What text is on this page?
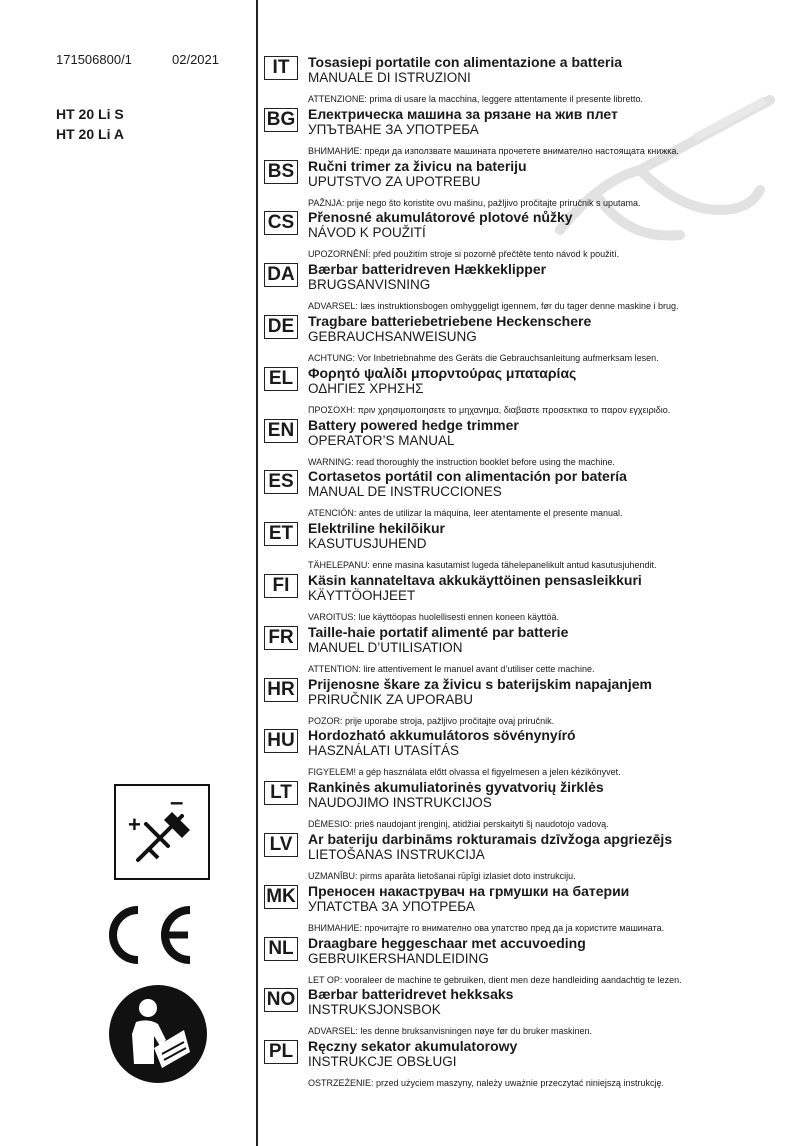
171506800/1	02/2021
HT 20 Li S
HT 20 Li A
IT	Tosasiepi portatile con alimentazione a batteria
MANUALE DI ISTRUZIONI
ATTENZIONE: prima di usare la macchina, leggere attentamente il presente libretto.
BG Електрическа машина за рязане на жив плет
УПЪТВАНЕ ЗА УПОТРЕБА
ВНИМАНИЕ: преди да използвате машината прочетете внимателно настоящата книжка.
BS Ručni trimer za živicu na bateriju
UPUTSTVO ZA UPOTREBU
PAŽNJA: prije nego što koristite ovu mašinu, pažljivo pročitajte priručnik s uputama.
CS Přenosné akumulátorové plotové nůžky
NÁVOD K POUŽITÍ
UPOZORNĚNÍ: před použitím stroje si pozorně přečtěte tento návod k použití.
DA Bærbar batteridreven Hækkeklipper
BRUGSANVISNING
ADVARSEL: læs instruktionsbogen omhyggeligt igennem, før du tager denne maskine i brug.
DE Tragbare batteriebetriebene Heckenschere
GEBRAUCHSANWEISUNG
ACHTUNG: Vor Inbetriebnahme des Geräts die Gebrauchsanleitung aufmerksam lesen.
EL	Φορητό ψαλίδι μπορντούρας μπαταρίας
ΟΔΗΓΙΕΣ ΧΡΗΣΗΣ
ΠΡΟΣΟΧΗ: πριν χρησιμοποιησετε το μηχανημα, διαβαστε προσεκτικα το παρον εγχειριδιο.
EN Battery powered hedge trimmer
OPERATOR’S MANUAL
WARNING: read thoroughly the instruction booklet before using the machine.
ES	Cortasetos portátil con alimentación por batería
MANUAL DE INSTRUCCIONES
ATENCIÓN: antes de utilizar la máquina, leer atentamente el presente manual.
ET	Elektriline hekilõikur
KASUTUSJUHEND
TÄHELEPANU: enne masina kasutamist lugeda tähelepanelikult antud kasutusjuhendit.
FI	Käsin kannateltava akkukäyttöinen pensasleikkuri
KÄYTTÖOHJEET
VAROITUS: lue käyttöopas huolellisesti ennen koneen käyttöä.
FR	Taille-haie portatif alimenté par batterie
MANUEL D’UTILISATION
ATTENTION: lire attentivement le manuel avant d’utiliser cette machine.
HR Prijenosne škare za živicu s baterijskim napajanjem
PRIRUČNIK ZA UPORABU
POZOR: prije uporabe stroja, pažljivo pročitajte ovaj priručnik.
HU Hordozható akkumulátoros sövénynyíró
HASZNÁLATI UTASÍTÁS
FIGYELEM! a gép használata előtt olvassa el figyelmesen a jelen kézikönyvet.
LT	Rankinės akumuliatorinės gyvatvorių žirklės
NAUDOJIMO INSTRUKCIJOS
DĖMESIO: prieš naudojant įrenginį, atidžiai perskaityti šį naudotojo vadovą.
LV	Ar bateriju darbināms rokturamais dzīvžoga apgriezējs
LIETOŠANAS INSTRUKCIJA
UZMANĪBU: pirms aparāta lietošanai rūpīgi izlasiet doto instrukciju.
MK Преносен накаструвач на грмушки на батерии
УПАТСТВА ЗА УПОТРЕБА
ВНИМАНИЕ: прочитајте го внимателно ова упатство пред да ја користите машината.
NL	Draagbare heggeschaar met accuvoeding
GEBRUIKERSHANDLEIDING
LET OP: vooraleer de machine te gebruiken, dient men deze handleiding aandachtig te lezen.
NO Bærbar batteridrevet hekksaks
INSTRUKSJONSBOK
ADVARSEL: les denne bruksanvisningen nøye før du bruker maskinen.
PL	Ręczny sekator akumulatorowy
INSTRUKCJE OBSŁUGI
OSTRZEŻENIE: przed użyciem maszyny, należy uważnie przeczytać niniejszą instrukcję.
+
–
